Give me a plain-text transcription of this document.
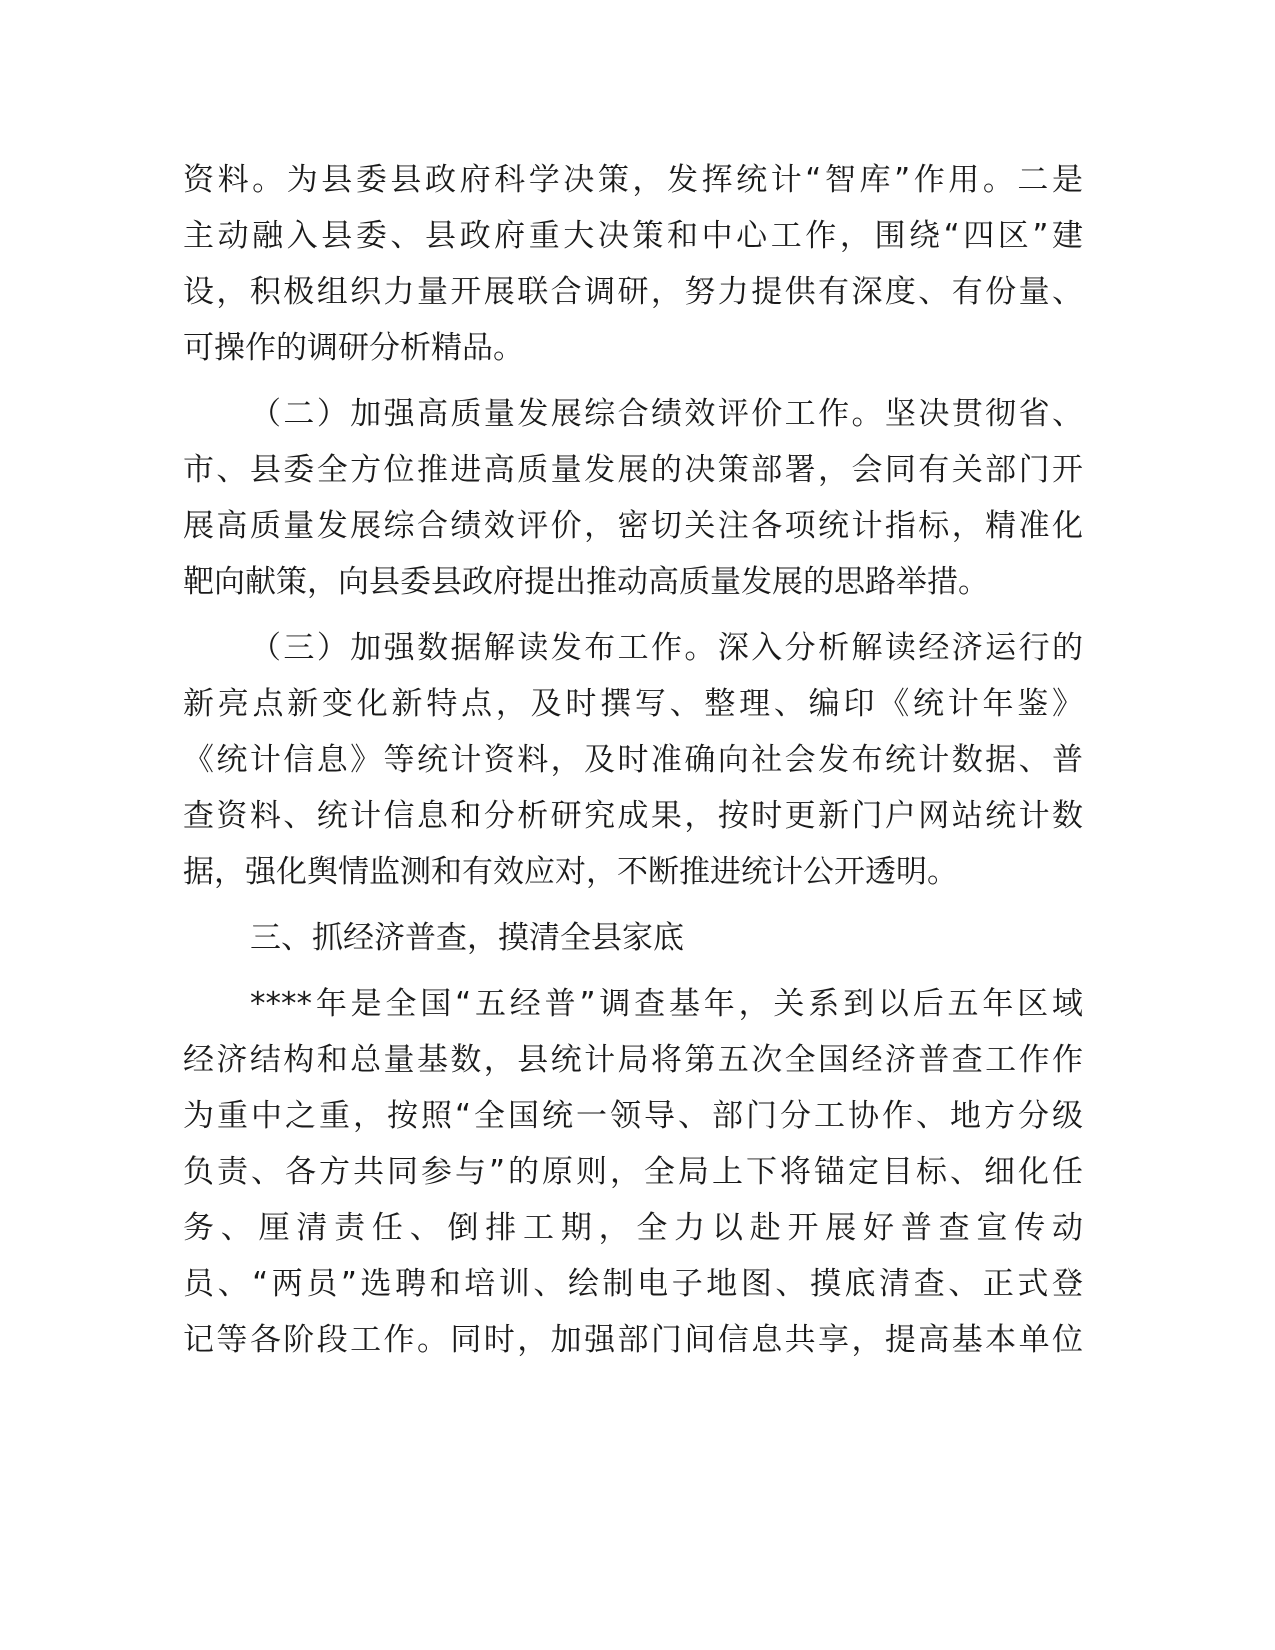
资料。为县委县政府科学决策，发挥统计“智库”作用。二是
主动融入县委、县政府重大决策和中心工作，围绕“四区”建
设，积极组织力量开展联合调研，努力提供有深度、有份量、
可操作的调研分析精品。
（二）加强高质量发展综合绩效评价工作。坚决贯彻省、
市、县委全方位推进高质量发展的决策部署，会同有关部门开
展高质量发展综合绩效评价，密切关注各项统计指标，精准化
靶向献策，向县委县政府提出推动高质量发展的思路举措。
（三）加强数据解读发布工作。深入分析解读经济运行的
新亮点新变化新特点，及时撰写、整理、编印《统计年鉴》
《统计信息》等统计资料，及时准确向社会发布统计数据、普
查资料、统计信息和分析研究成果，按时更新门户网站统计数
据，强化舆情监测和有效应对，不断推进统计公开透明。
三、抓经济普查，摸清全县家底
****年是全国“五经普”调查基年，关系到以后五年区域
经济结构和总量基数，县统计局将第五次全国经济普查工作作
为重中之重，按照“全国统一领导、部门分工协作、地方分级
负责、各方共同参与”的原则，全局上下将锚定目标、细化任
务、厘清责任、倒排工期，全力以赴开展好普查宣传动
员、“两员”选聘和培训、绘制电子地图、摸底清查、正式登
记等各阶段工作。同时，加强部门间信息共享，提高基本单位
